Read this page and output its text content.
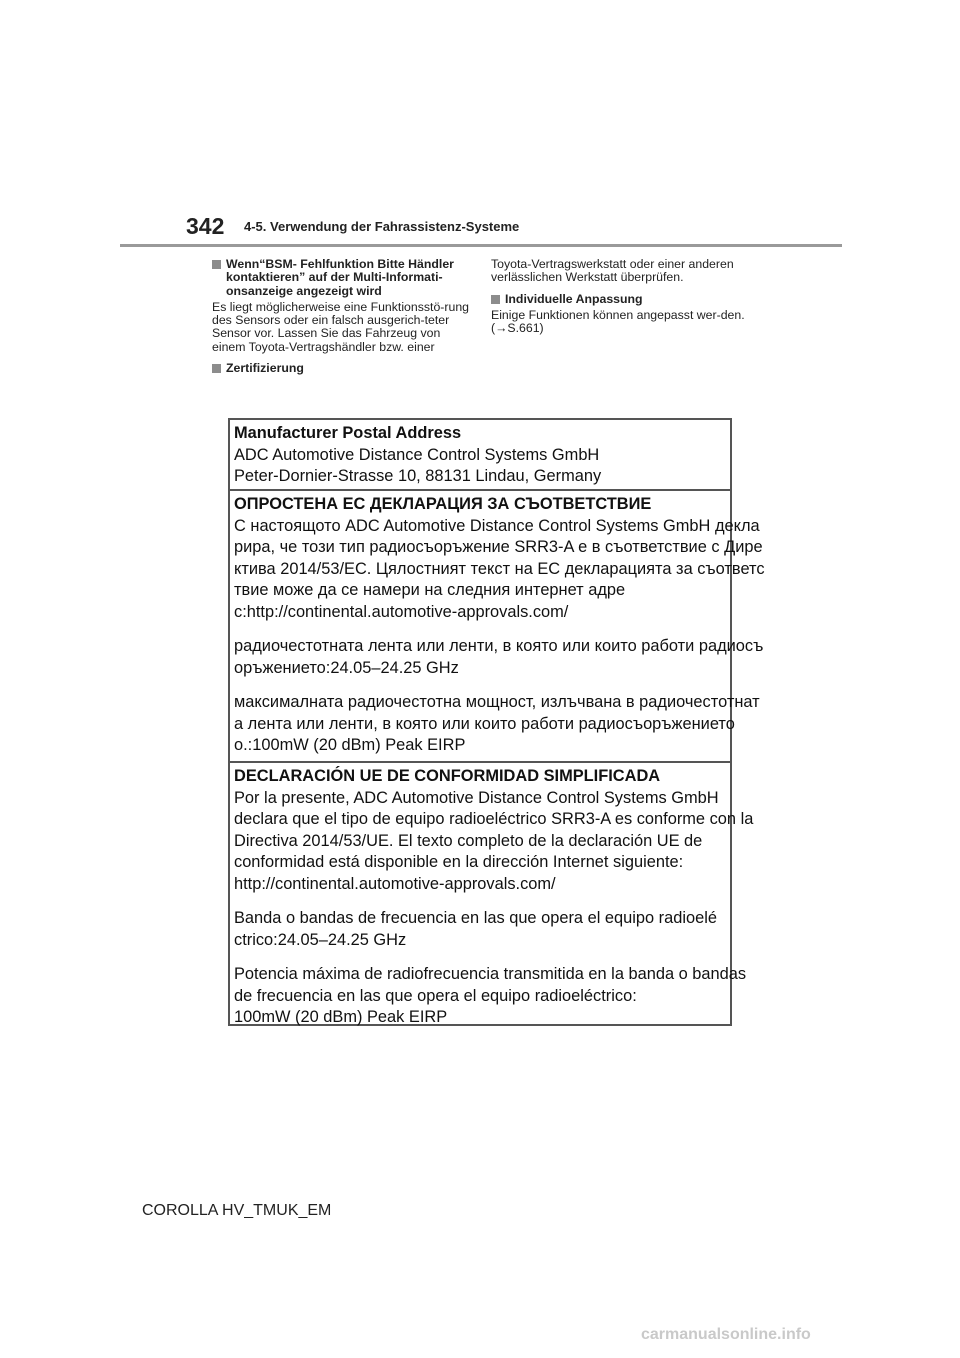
342 4-5. Verwendung der Fahrassistenz-Systeme
Wenn“BSM- Fehlfunktion Bitte Händler kontaktieren” auf der Multi-Informati-onsanzeige angezeigt wird

Es liegt möglicherweise eine Funktionsstö-rung des Sensors oder ein falsch ausgerich-teter Sensor vor. Lassen Sie das Fahrzeug von einem Toyota-Vertragshändler bzw. einer

Zertifizierung

Toyota-Vertragswerkstatt oder einer anderen verlässlichen Werkstatt überprüfen.

Individuelle Anpassung

Einige Funktionen können angepasst wer-den. (→S.661)

Manufacturer Postal Address
ADC Automotive Distance Control Systems GmbH
Peter-Dornier-Strasse 10, 88131 Lindau, Germany
ОПРОСТЕНА ЕС ДЕКЛАРАЦИЯ ЗА СЪОТВЕТСТВИЕ
С настоящото ADC Automotive Distance Control Systems GmbH декла
рира, че този тип радиосъоръжение SRR3-A е в съответствие с Дире
ктива 2014/53/ЕС. Цялостният текст на ЕС декларацията за съответс
твие може да се намери на следния интернет адре
с:http://continental.automotive-approvals.com/
радиочестотната лента или ленти, в която или които работи радиосъ
оръжението:24.05–24.25 GHz
максималната радиочестотна мощност, излъчвана в радиочестотнат
а лента или ленти, в която или които работи радиосъоръжението
о.:100mW (20 dBm) Peak EIRP
DECLARACIÓN UE DE CONFORMIDAD SIMPLIFICADA
Por la presente, ADC Automotive Distance Control Systems GmbH
declara que el tipo de equipo radioeléctrico SRR3-A es conforme con la
Directiva 2014/53/UE. El texto completo de la declaración UE de
conformidad está disponible en la dirección Internet siguiente:
http://continental.automotive-approvals.com/
Banda o bandas de frecuencia en las que opera el equipo radioelé
ctrico:24.05–24.25 GHz
Potencia máxima de radiofrecuencia transmitida en la banda o bandas
de frecuencia en las que opera el equipo radioeléctrico:
100mW (20 dBm) Peak EIRP
COROLLA HV_TMUK_EM
carmanualsonline.info
